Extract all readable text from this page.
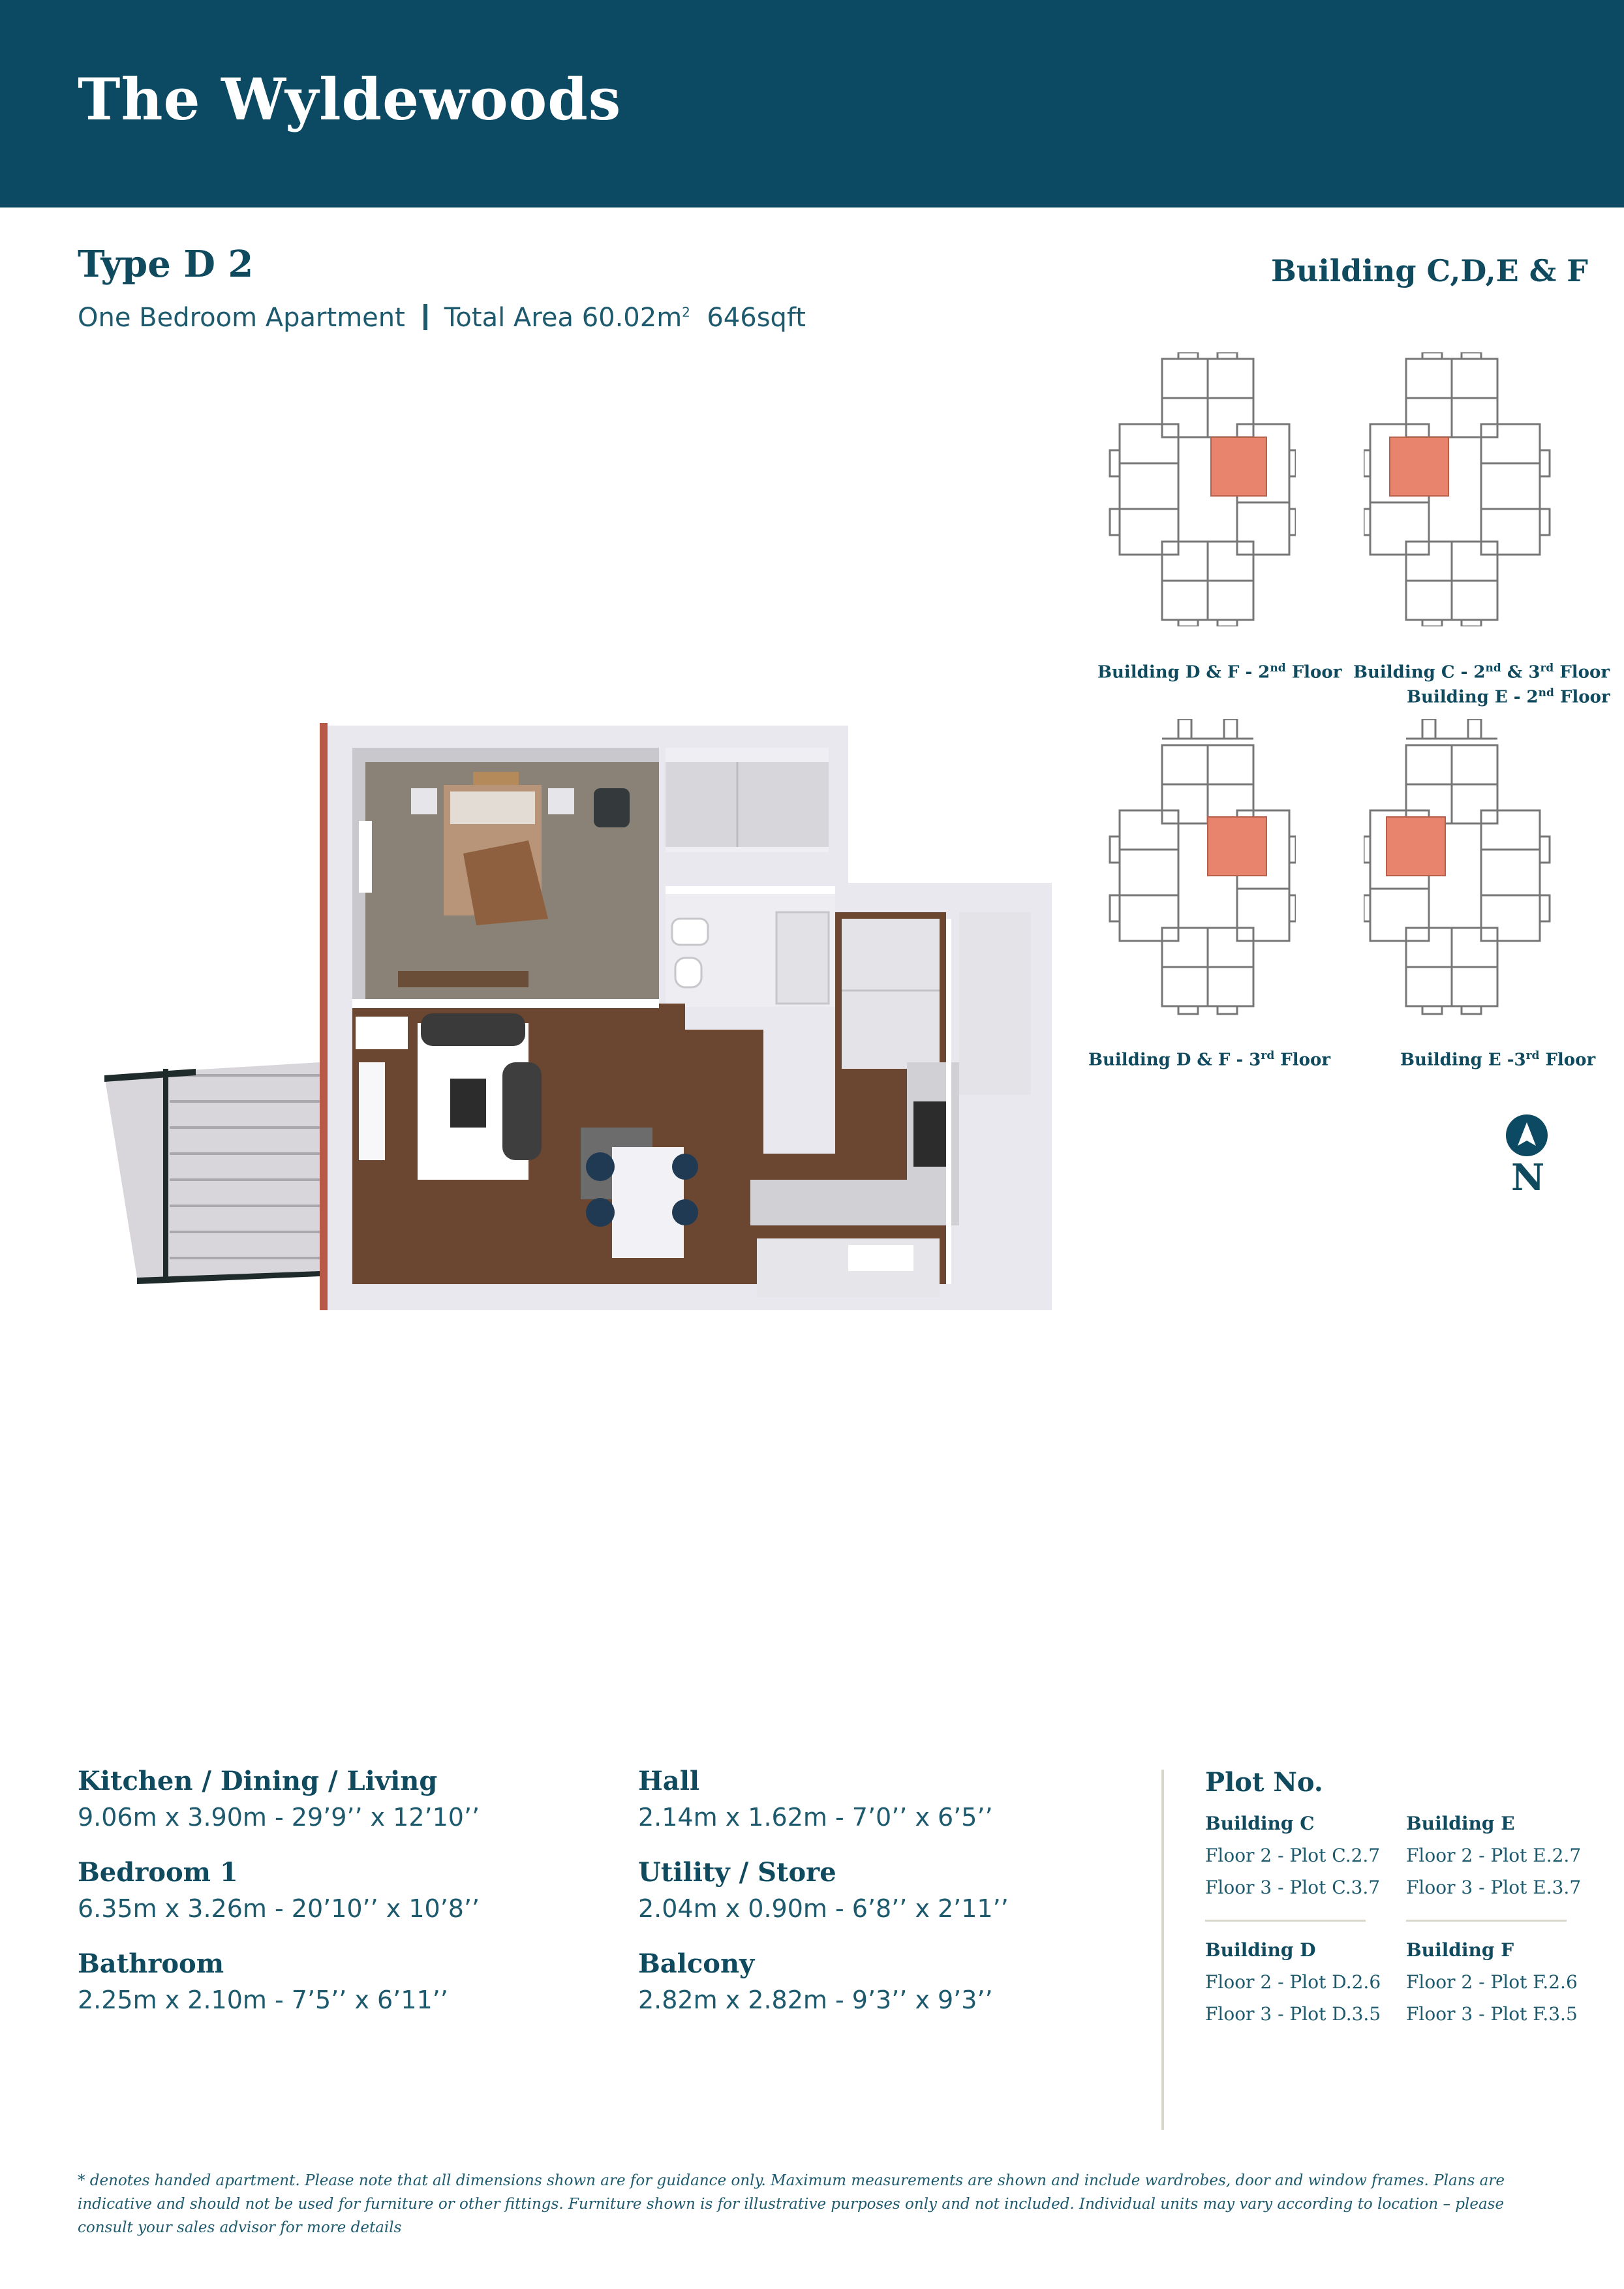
The Wyldewoods
Type D 2
One Bedroom Apartment Total Area $60.02m^2$ 646sqft
Building C,D,E & F
Building D & F - 2nd Floor Building C - 2nd & 3rd Floor
Building E - 2nd Floor
Building D & F - 3rd Floor	Building E -3rd Floor
N
Kitchen / Dining / Living
9.06m x 3.90m - 29’9’’ x 12’10’’
Bedroom 1
6.35m x 3.26m - 20’10’’ x 10’8’’
Bathroom
2.25m x 2.10m - 7’5’’ x 6’11’’
Hall
2.14m x 1.62m - 7’0’’ x 6’5’’
Utility / Store
2.04m x 0.90m - 6’8’’ x 2’11’’
Balcony
2.82m x 2.82m - 9’3’’ x 9’3’’
Plot No.
Building C
Floor 2 - Plot C.2.7
Floor 3 - Plot C.3.7
Building E
Floor 2 - Plot E.2.7
Floor 3 - Plot E.3.7
Building D
Floor 2 - Plot D.2.6
Floor 3 - Plot D.3.5
Building F
Floor 2 - Plot F.2.6
Floor 3 - Plot F.3.5
* denotes handed apartment. Please note that all dimensions shown are for guidance only. Maximum measurements are shown and include wardrobes, door and window frames. Plans are indicative and should not be used for furniture or other fittings. Furniture shown is for illustrative purposes only and not included. Individual units may vary according to location – please consult your sales advisor for more details
